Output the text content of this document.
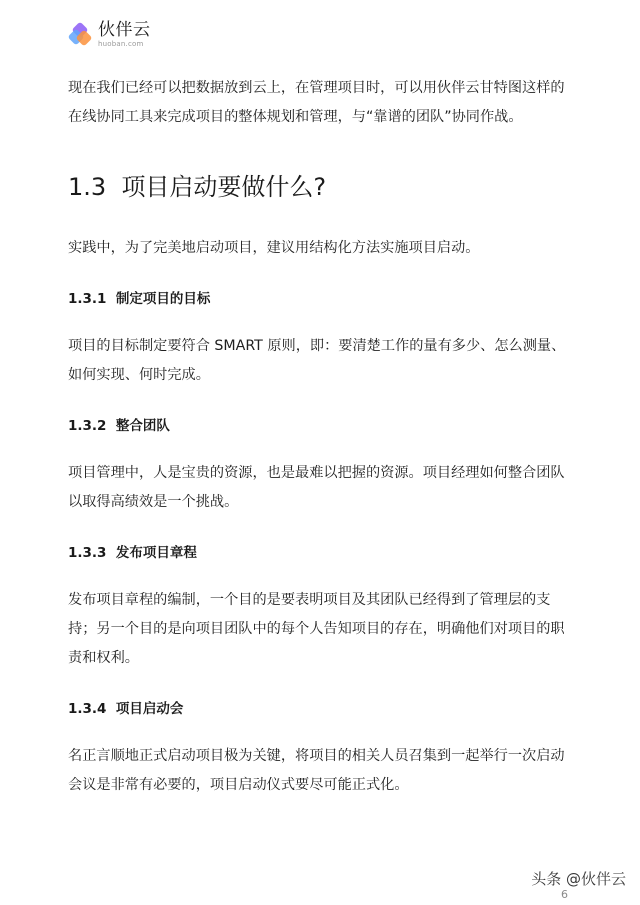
伙伴云
huoban.com

现在我们已经可以把数据放到云上，在管理项目时，可以用伙伴云甘特图这样的在线协同工具来完成项目的整体规划和管理，与“靠谱的团队”协同作战。

1.3 项目启动要做什么?

实践中，为了完美地启动项目，建议用结构化方法实施项目启动。

1.3.1 制定项目的目标

项目的目标制定要符合 SMART 原则，即：要清楚工作的量有多少、怎么测量、如何实现、何时完成。

1.3.2 整合团队

项目管理中，人是宝贵的资源，也是最难以把握的资源。项目经理如何整合团队以取得高绩效是一个挑战。

1.3.3 发布项目章程

发布项目章程的编制，一个目的是要表明项目及其团队已经得到了管理层的支持；另一个目的是向项目团队中的每个人告知项目的存在，明确他们对项目的职责和权利。

1.3.4 项目启动会

名正言顺地正式启动项目极为关键，将项目的相关人员召集到一起举行一次启动会议是非常有必要的，项目启动仪式要尽可能正式化。

头条 @伙伴云
6
